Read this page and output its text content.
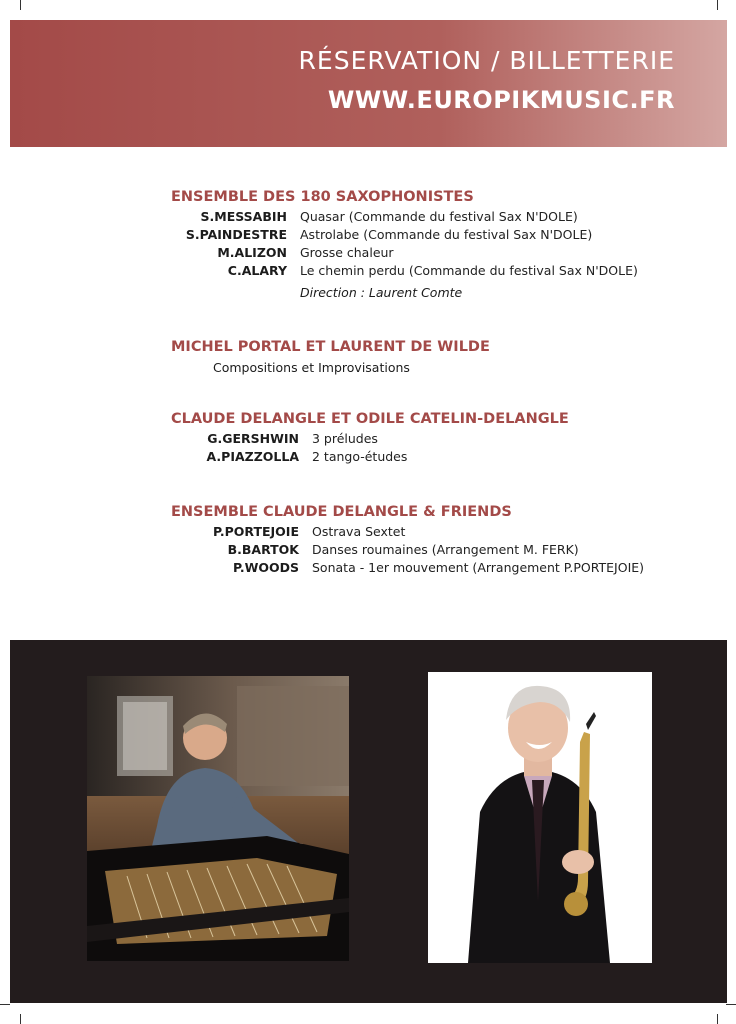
RÉSERVATION / BILLETTERIE
WWW.EUROPIKMUSIC.FR
ENSEMBLE DES 180 SAXOPHONISTES
S.MESSABIH	Quasar (Commande du festival Sax N'DOLE)
S.PAINDESTRE	Astrolabe (Commande du festival Sax N'DOLE)
M.ALIZON	Grosse chaleur
C.ALARY	Le chemin perdu (Commande du festival Sax N'DOLE)
Direction : Laurent Comte
MICHEL PORTAL ET LAURENT DE WILDE
Compositions et Improvisations
CLAUDE DELANGLE ET ODILE CATELIN-DELANGLE
G.GERSHWIN	3 préludes
A.PIAZZOLLA	2 tango-études
ENSEMBLE CLAUDE DELANGLE & FRIENDS
P.PORTEJOIE	Ostrava Sextet
B.BARTOK	Danses roumaines (Arrangement M. FERK)
P.WOODS	Sonata - 1er mouvement (Arrangement P.PORTEJOIE)
